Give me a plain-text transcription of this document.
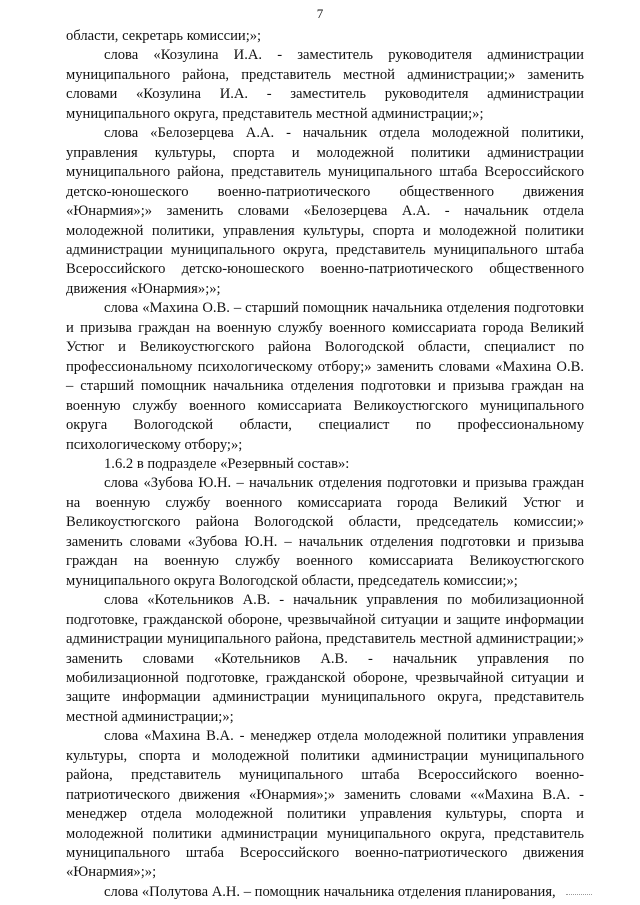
7

области, секретарь комиссии;»;

слова «Козулина И.А. - заместитель руководителя администрации муниципального района, представитель местной администрации;» заменить словами «Козулина И.А. - заместитель руководителя администрации муниципального округа, представитель местной администрации;»;

слова «Белозерцева А.А. - начальник отдела молодежной политики, управления культуры, спорта и молодежной политики администрации муниципального района, представитель муниципального штаба Всероссийского детско-юношеского военно-патриотического общественного движения «Юнармия»;» заменить словами «Белозерцева А.А. - начальник отдела молодежной политики, управления культуры, спорта и молодежной политики администрации муниципального округа, представитель муниципального штаба Всероссийского детско-юношеского военно-патриотического общественного движения «Юнармия»;»;

слова «Махина О.В. – старший помощник начальника отделения подготовки и призыва граждан на военную службу военного комиссариата города Великий Устюг и Великоустюгского района Вологодской области, специалист по профессиональному психологическому отбору;» заменить словами «Махина О.В. – старший помощник начальника отделения подготовки и призыва граждан на военную службу военного комиссариата Великоустюгского муниципального округа Вологодской области, специалист по профессиональному психологическому отбору;»;

1.6.2 в подразделе «Резервный состав»:

слова «Зубова Ю.Н. – начальник отделения подготовки и призыва граждан на военную службу военного комиссариата города Великий Устюг и Великоустюгского района Вологодской области, председатель комиссии;» заменить словами «Зубова Ю.Н. – начальник отделения подготовки и призыва граждан на военную службу военного комиссариата Великоустюгского муниципального округа Вологодской области, председатель комиссии;»;

слова «Котельников А.В. - начальник управления по мобилизационной подготовке, гражданской обороне, чрезвычайной ситуации и защите информации администрации муниципального района, представитель местной администрации;» заменить словами «Котельников А.В. - начальник управления по мобилизационной подготовке, гражданской обороне, чрезвычайной ситуации и защите информации администрации муниципального округа, представитель местной администрации;»;

слова «Махина В.А. - менеджер отдела молодежной политики управления культуры, спорта и молодежной политики администрации муниципального района, представитель муниципального штаба Всероссийского военно-патриотического движения «Юнармия»;» заменить словами ««Махина В.А. - менеджер отдела молодежной политики управления культуры, спорта и молодежной политики администрации муниципального округа, представитель муниципального штаба Всероссийского военно-патриотического движения «Юнармия»;»;

слова «Полутова А.Н. – помощник начальника отделения планирования,
